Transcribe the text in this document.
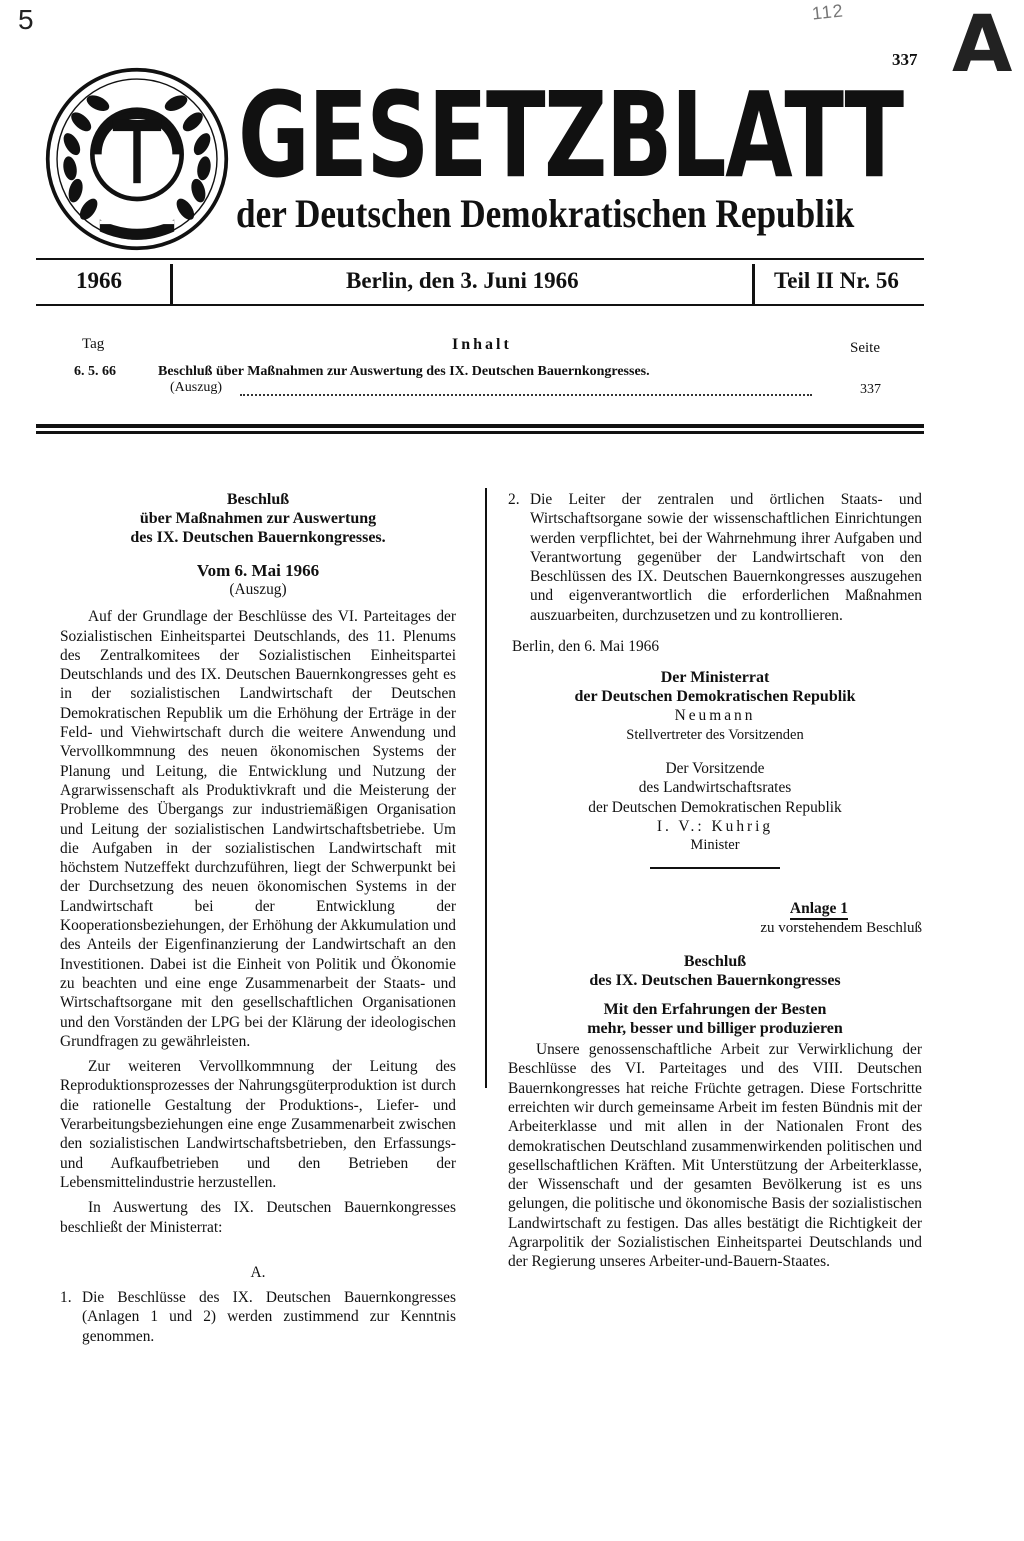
5	112 A
337
GESETZBLATT
der Deutschen Demokratischen Republik
1966	Berlin, den 3. Juni 1966	Teil II Nr. 56
Tag	Inhalt	Seite
6. 5. 66	Beschluß über Maßnahmen zur Auswertung des IX. Deutschen Bauernkongresses.
(Auszug)	337
Beschluß
über Maßnahmen zur Auswertung
des IX. Deutschen Bauernkongresses.
Vom 6. Mai 1966
(Auszug)

Auf der Grundlage der Beschlüsse des VI. Parteitages der Sozialistischen Einheitspartei Deutschlands, des 11. Plenums des Zentralkomitees der Sozialistischen Einheitspartei Deutschlands und des IX. Deutschen Bauernkongresses geht es in der sozialistischen Landwirtschaft der Deutschen Demokratischen Republik um die Erhöhung der Erträge in der Feld- und Viehwirtschaft durch die weitere Anwendung und Vervollkommnung des neuen ökonomischen Systems der Planung und Leitung, die Entwicklung und Nutzung der Agrarwissenschaft als Produktivkraft und die Meisterung der Probleme des Übergangs zur industriemäßigen Organisation und Leitung der sozialistischen Landwirtschaftsbetriebe. Um die Aufgaben in der sozialistischen Landwirtschaft mit höchstem Nutzeffekt durchzuführen, liegt der Schwerpunkt bei der Durchsetzung des neuen ökonomischen Systems in der Landwirtschaft bei der Entwicklung der Kooperationsbeziehungen, der Erhöhung der Akkumulation und des Anteils der Eigenfinanzierung der Landwirtschaft an den Investitionen. Dabei ist die Einheit von Politik und Ökonomie zu beachten und eine enge Zusammenarbeit der Staats- und Wirtschaftsorgane mit den gesellschaftlichen Organisationen und den Vorständen der LPG bei der Klärung der ideologischen Grundfragen zu gewährleisten.

Zur weiteren Vervollkommnung der Leitung des Reproduktionsprozesses der Nahrungsgüterproduktion ist durch die rationelle Gestaltung der Produktions-, Liefer- und Verarbeitungsbeziehungen eine enge Zusammenarbeit zwischen den sozialistischen Landwirtschaftsbetrieben, den Erfassungs- und Aufkaufbetrieben und den Betrieben der Lebensmittelindustrie herzustellen.

In Auswertung des IX. Deutschen Bauernkongresses beschließt der Ministerrat:

A.
1. Die Beschlüsse des IX. Deutschen Bauernkongresses (Anlagen 1 und 2) werden zustimmend zur Kenntnis genommen.
2. Die Leiter der zentralen und örtlichen Staats- und Wirtschaftsorgane sowie der wissenschaftlichen Einrichtungen werden verpflichtet, bei der Wahrnehmung ihrer Aufgaben und Verantwortung gegenüber der Landwirtschaft von den Beschlüssen des IX. Deutschen Bauernkongresses auszugehen und eigenverantwortlich die erforderlichen Maßnahmen auszuarbeiten, durchzusetzen und zu kontrollieren.
Berlin, den 6. Mai 1966
Der Ministerrat
der Deutschen Demokratischen Republik
Neumann
Stellvertreter des Vorsitzenden
Der Vorsitzende
des Landwirtschaftsrates
der Deutschen Demokratischen Republik
I. V.: Kuhrig
Minister
Anlage 1
zu vorstehendem Beschluß
Beschluß
des IX. Deutschen Bauernkongresses
Mit den Erfahrungen der Besten
mehr, besser und billiger produzieren

Unsere genossenschaftliche Arbeit zur Verwirklichung der Beschlüsse des VI. Parteitages und des VIII. Deutschen Bauernkongresses hat reiche Früchte getragen. Diese Fortschritte erreichten wir durch gemeinsame Arbeit im festen Bündnis mit der Arbeiterklasse und mit allen in der Nationalen Front des demokratischen Deutschland zusammenwirkenden politischen und gesellschaftlichen Kräften. Mit Unterstützung der Arbeiterklasse, der Wissenschaft und der gesamten Bevölkerung ist es uns gelungen, die politische und ökonomische Basis der sozialistischen Landwirtschaft zu festigen. Das alles bestätigt die Richtigkeit der Agrarpolitik der Sozialistischen Einheitspartei Deutschlands und der Regierung unseres Arbeiter-und-Bauern-Staates.
